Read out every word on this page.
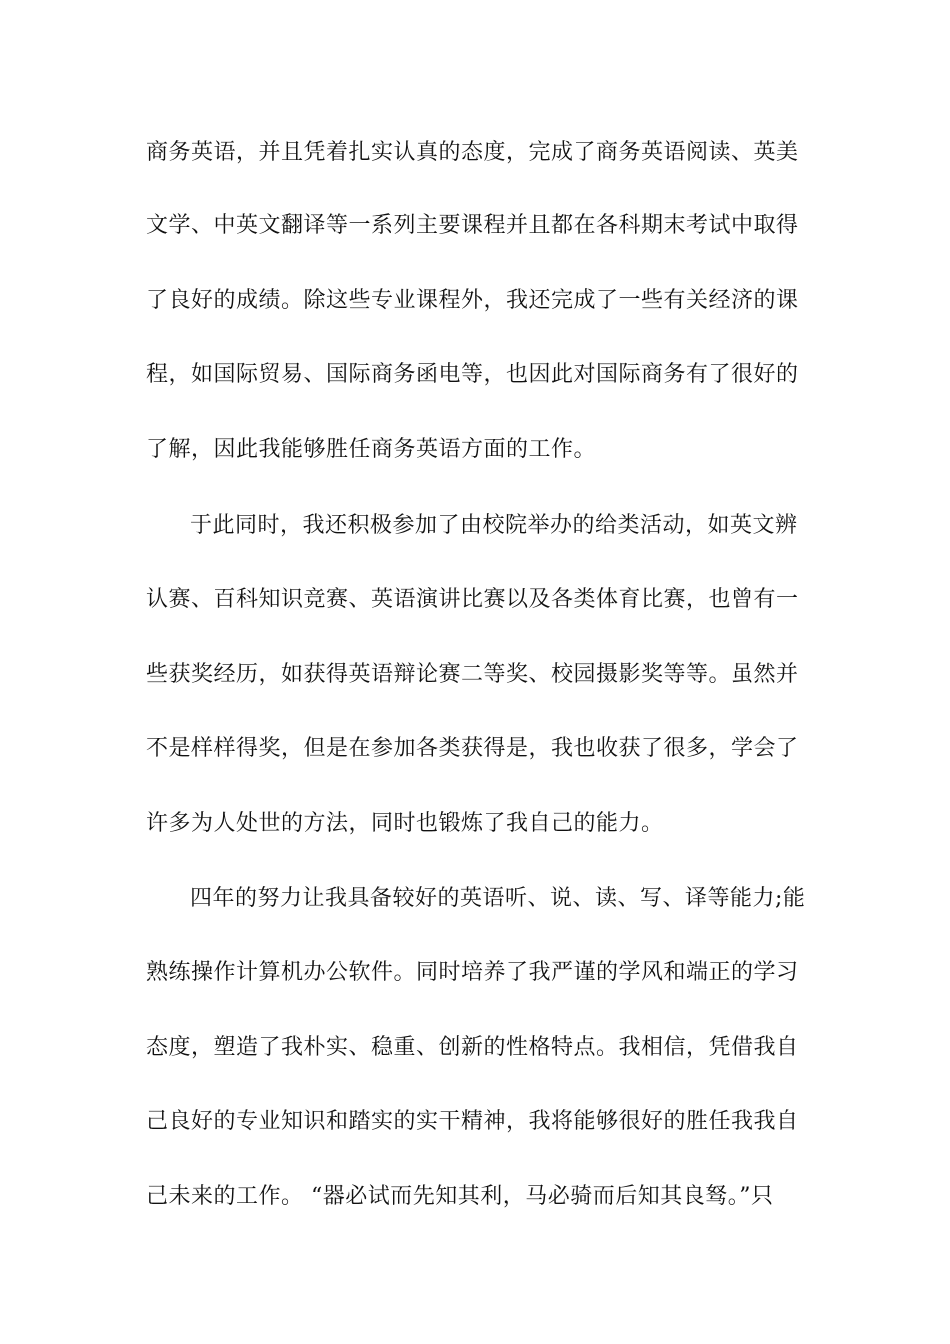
商务英语，并且凭着扎实认真的态度，完成了商务英语阅读、英美
文学、中英文翻译等一系列主要课程并且都在各科期末考试中取得
了良好的成绩。除这些专业课程外，我还完成了一些有关经济的课
程，如国际贸易、国际商务函电等，也因此对国际商务有了很好的
了解，因此我能够胜任商务英语方面的工作。
于此同时，我还积极参加了由校院举办的给类活动，如英文辨
认赛、百科知识竞赛、英语演讲比赛以及各类体育比赛，也曾有一
些获奖经历，如获得英语辩论赛二等奖、校园摄影奖等等。虽然并
不是样样得奖，但是在参加各类获得是，我也收获了很多，学会了
许多为人处世的方法，同时也锻炼了我自己的能力。
四年的努力让我具备较好的英语听、说、读、写、译等能力;能
熟练操作计算机办公软件。同时培养了我严谨的学风和端正的学习
态度，塑造了我朴实、稳重、创新的性格特点。我相信，凭借我自
己良好的专业知识和踏实的实干精神，我将能够很好的胜任我我自
己未来的工作。 “器必试而先知其利，马必骑而后知其良驽。”只
